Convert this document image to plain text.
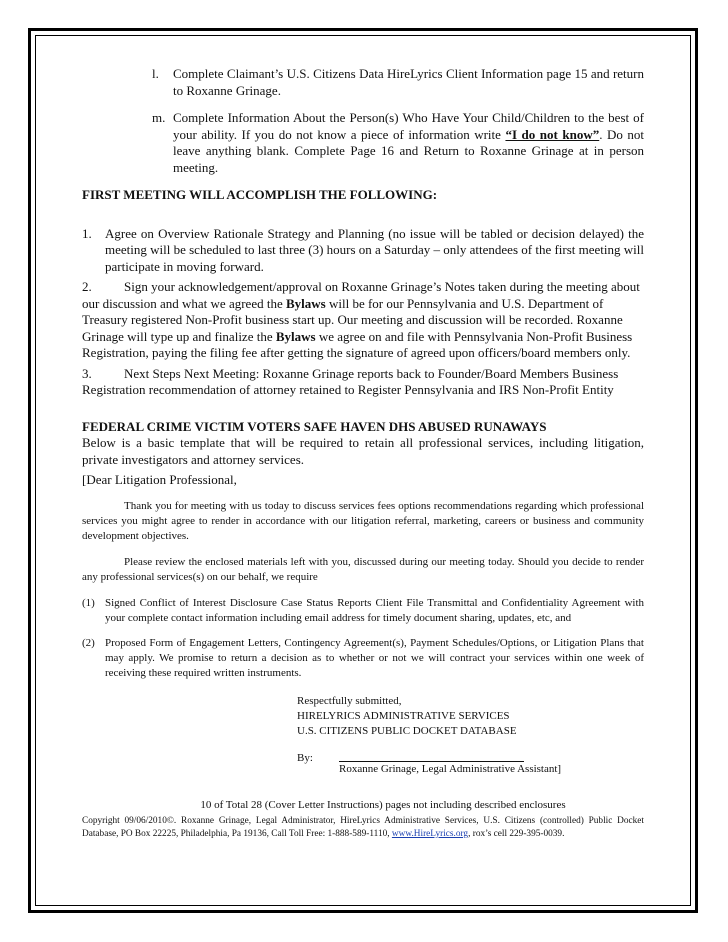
l.	Complete Claimant’s U.S. Citizens Data HireLyrics Client Information page 15 and return to Roxanne Grinage.
m. Complete Information About the Person(s) Who Have Your Child/Children to the best of your ability. If you do not know a piece of information write “I do not know”. Do not leave anything blank. Complete Page 16 and Return to Roxanne Grinage at in person meeting.
FIRST MEETING WILL ACCOMPLISH THE FOLLOWING:
1.	Agree on Overview Rationale Strategy and Planning (no issue will be tabled or decision delayed) the meeting will be scheduled to last three (3) hours on a Saturday – only attendees of the first meeting will participate in moving forward.
2. Sign your acknowledgement/approval on Roxanne Grinage’s Notes taken during the meeting about our discussion and what we agreed the Bylaws will be for our Pennsylvania and U.S. Department of Treasury registered Non-Profit business start up. Our meeting and discussion will be recorded. Roxanne Grinage will type up and finalize the Bylaws we agree on and file with Pennsylvania Non-Profit Business Registration, paying the filing fee after getting the signature of agreed upon officers/board members only.
3. Next Steps Next Meeting: Roxanne Grinage reports back to Founder/Board Members Business Registration recommendation of attorney retained to Register Pennsylvania and IRS Non-Profit Entity
FEDERAL CRIME VICTIM VOTERS SAFE HAVEN DHS ABUSED RUNAWAYS
Below is a basic template that will be required to retain all professional services, including litigation, private investigators and attorney services.
[Dear Litigation Professional,
Thank you for meeting with us today to discuss services fees options recommendations regarding which professional services you might agree to render in accordance with our litigation referral, marketing, careers or business and community development objectives.
Please review the enclosed materials left with you, discussed during our meeting today. Should you decide to render any professional services(s) on our behalf, we require
(1) Signed Conflict of Interest Disclosure Case Status Reports Client File Transmittal and Confidentiality Agreement with your complete contact information including email address for timely document sharing, updates, etc, and
(2) Proposed Form of Engagement Letters, Contingency Agreement(s), Payment Schedules/Options, or Litigation Plans that may apply. We promise to return a decision as to whether or not we will contract your services within one week of receiving these required written instruments.
Respectfully submitted,
HIRELYRICS ADMINISTRATIVE SERVICES
U.S. CITIZENS PUBLIC DOCKET DATABASE
By:
Roxanne Grinage, Legal Administrative Assistant]
10 of Total 28 (Cover Letter Instructions) pages not including described enclosures
Copyright 09/06/2010©. Roxanne Grinage, Legal Administrator, HireLyrics Administrative Services, U.S. Citizens (controlled) Public Docket Database, PO Box 22225, Philadelphia, Pa 19136, Call Toll Free: 1-888-589-1110, www.HireLyrics.org, rox’s cell 229-395-0039.
